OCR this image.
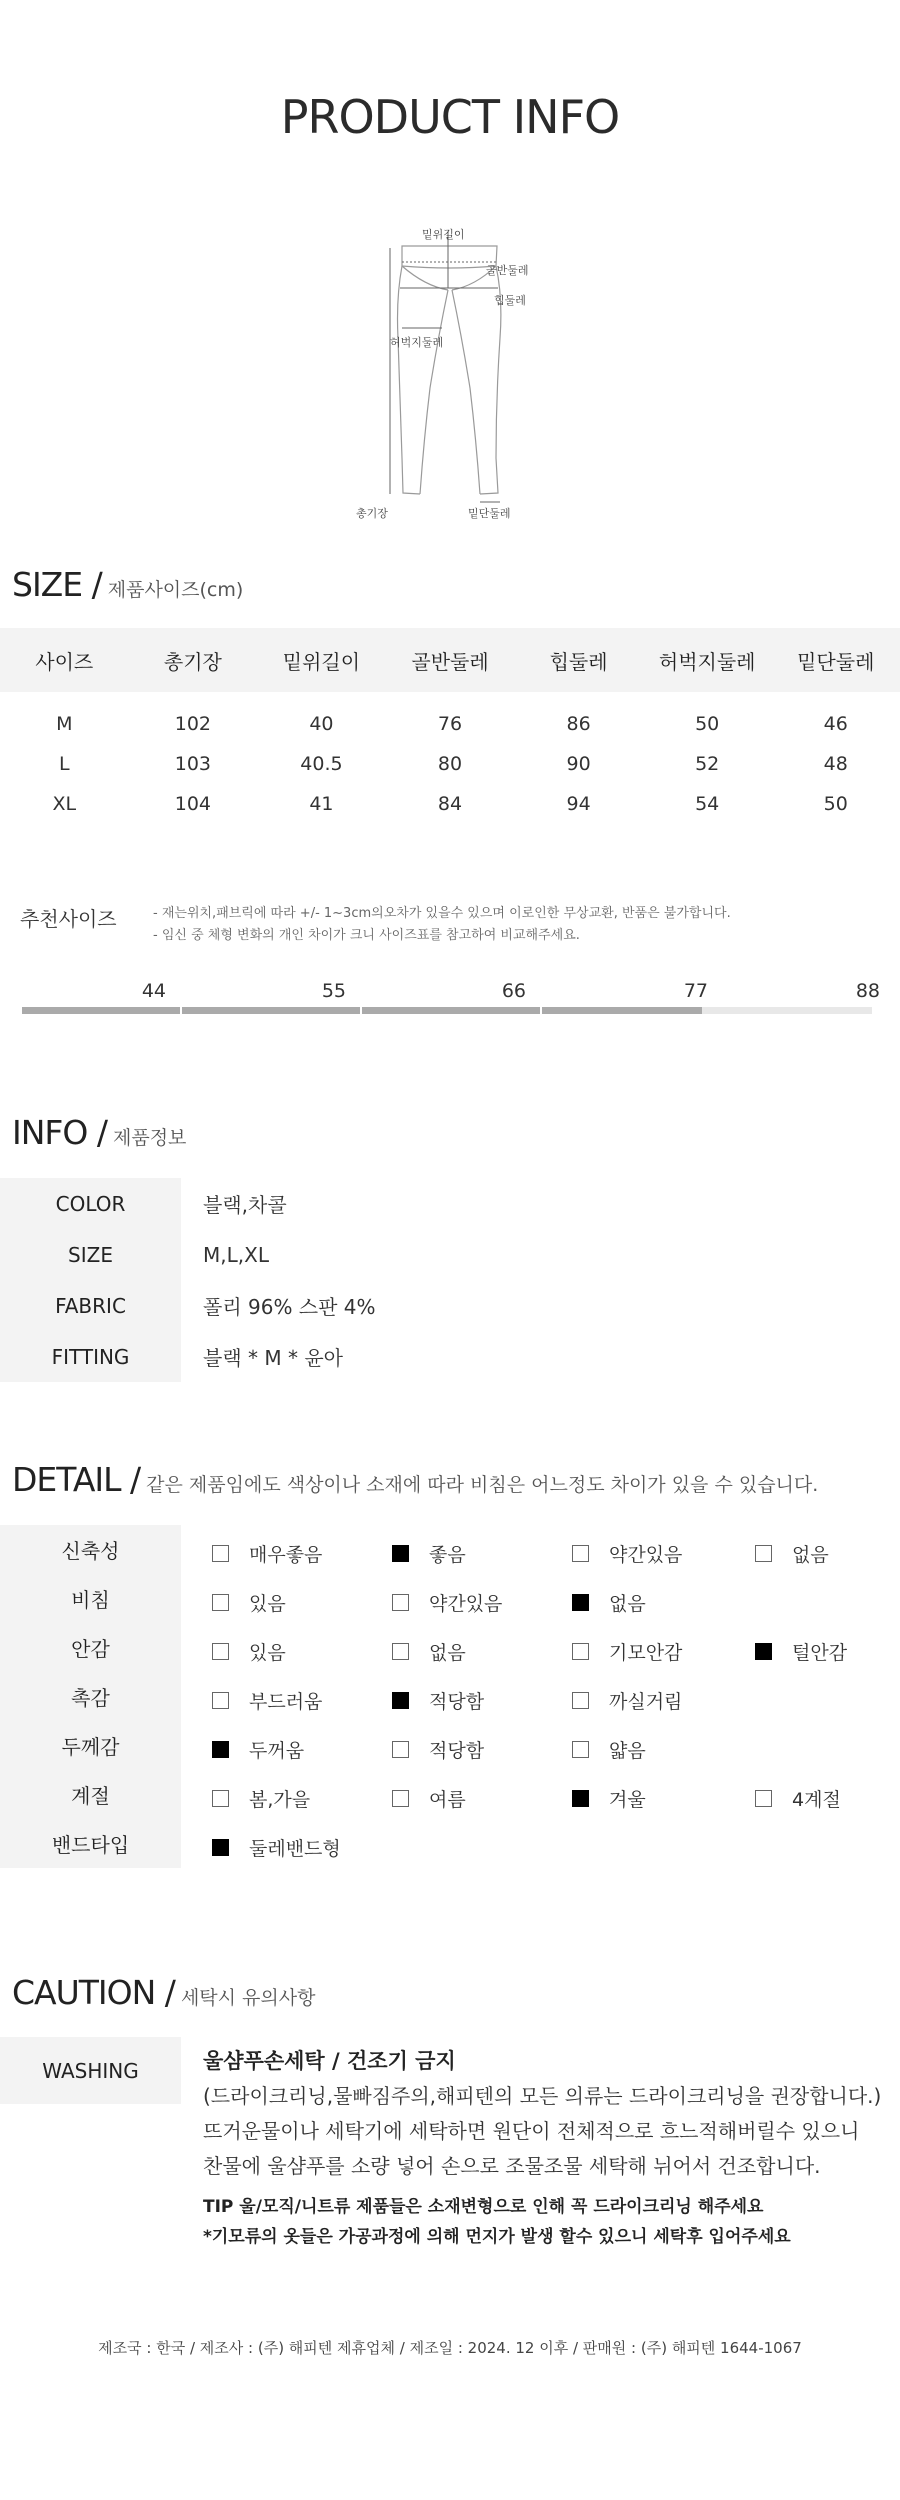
PRODUCT INFO
밑위길이
골반둘레
힙둘레
허벅지둘레
총기장	밑단둘레
SIZE / 제품사이즈(cm)
사이즈	총기장	밑위길이	골반둘레	힙둘레	허벅지둘레	밑단둘레
M	102	40	76	86	50	46
L	103	40.5	80	90	52	48
XL	104	41	84	94	54	50
추천사이즈	- 재는위치,패브릭에 따라 +/- 1~3cm의오차가 있을수 있으며 이로인한 무상교환, 반품은 불가합니다.
- 임신 중 체형 변화의 개인 차이가 크니 사이즈표를 참고하여 비교해주세요.
44	55	66	77	88
INFO / 제품정보
COLOR	블랙,차콜
SIZE	M,L,XL
FABRIC	폴리 96% 스판 4%
FITTING	블랙 * M * 윤아
DETAIL / 같은 제품임에도 색상이나 소재에 따라 비침은 어느정도 차이가 있을 수 있습니다.
신축성	매우좋음	좋음	약간있음	없음
비침	있음	약간있음	없음
안감	있음	없음	기모안감	털안감
촉감	부드러움	적당함	까실거림
두께감	두꺼움	적당함	얇음
계절	봄,가을	여름	겨울	4계절
밴드타입	둘레밴드형
CAUTION / 세탁시 유의사항
WASHING	울샴푸손세탁 / 건조기 금지
(드라이크리닝,물빠짐주의,해피텐의 모든 의류는 드라이크리닝을 권장합니다.)
뜨거운물이나 세탁기에 세탁하면 원단이 전체적으로 흐느적해버릴수 있으니
찬물에 울샴푸를 소량 넣어 손으로 조물조물 세탁해 뉘어서 건조합니다.
TIP 울/모직/니트류 제품들은 소재변형으로 인해 꼭 드라이크리닝 해주세요
*기모류의 옷들은 가공과정에 의해 먼지가 발생 할수 있으니 세탁후 입어주세요
제조국 : 한국 / 제조사 : (주) 해피텐 제휴업체 / 제조일 : 2024. 12 이후 / 판매원 : (주) 해피텐 1644-1067
